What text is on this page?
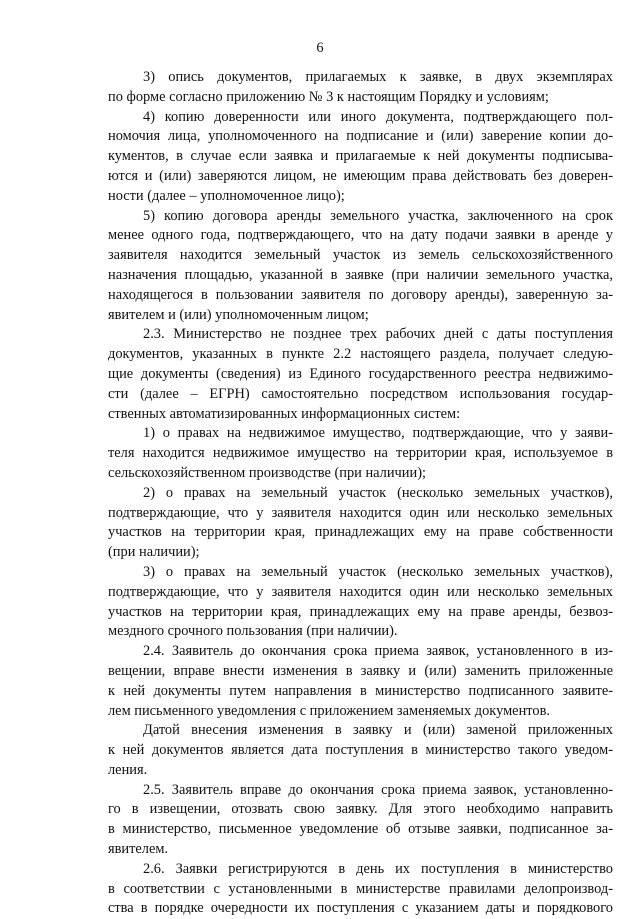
6
3) опись документов, прилагаемых к заявке, в двух экземплярах
по форме согласно приложению № 3 к настоящим Порядку и условиям;
4) копию доверенности или иного документа, подтверждающего пол-
номочия лица, уполномоченного на подписание и (или) заверение копии до-
кументов, в случае если заявка и прилагаемые к ней документы подписыва-
ются и (или) заверяются лицом, не имеющим права действовать без доверен-
ности (далее – уполномоченное лицо);
5) копию договора аренды земельного участка, заключенного на срок
менее одного года, подтверждающего, что на дату подачи заявки в аренде у
заявителя находится земельный участок из земель сельскохозяйственного
назначения площадью, указанной в заявке (при наличии земельного участка,
находящегося в пользовании заявителя по договору аренды), заверенную за-
явителем и (или) уполномоченным лицом;
2.3. Министерство не позднее трех рабочих дней с даты поступления
документов, указанных в пункте 2.2 настоящего раздела, получает следую-
щие документы (сведения) из Единого государственного реестра недвижимо-
сти (далее – ЕГРН) самостоятельно посредством использования государ-
ственных автоматизированных информационных систем:
1) о правах на недвижимое имущество, подтверждающие, что у заяви-
теля находится недвижимое имущество на территории края, используемое в
сельскохозяйственном производстве (при наличии);
2) о правах на земельный участок (несколько земельных участков),
подтверждающие, что у заявителя находится один или несколько земельных
участков на территории края, принадлежащих ему на праве собственности
(при наличии);
3) о правах на земельный участок (несколько земельных участков),
подтверждающие, что у заявителя находится один или несколько земельных
участков на территории края, принадлежащих ему на праве аренды, безвоз-
мездного срочного пользования (при наличии).
2.4. Заявитель до окончания срока приема заявок, установленного в из-
вещении, вправе внести изменения в заявку и (или) заменить приложенные
к ней документы путем направления в министерство подписанного заявите-
лем письменного уведомления с приложением заменяемых документов.
Датой внесения изменения в заявку и (или) заменой приложенных
к ней документов является дата поступления в министерство такого уведом-
ления.
2.5. Заявитель вправе до окончания срока приема заявок, установленно-
го в извещении, отозвать свою заявку. Для этого необходимо направить
в министерство, письменное уведомление об отзыве заявки, подписанное за-
явителем.
2.6. Заявки регистрируются в день их поступления в министерство
в соответствии с установленными в министерстве правилами делопроизвод-
ства в порядке очередности их поступления с указанием даты и порядкового
